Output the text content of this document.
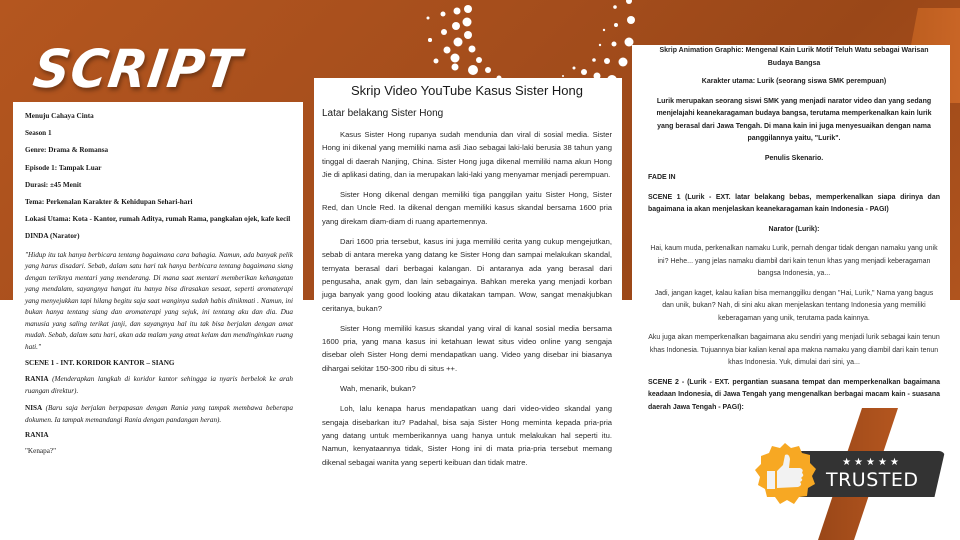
SCRIPT
Menuju Cahaya Cinta
Season 1
Genre: Drama & Romansa
Episode 1: Tampak Luar
Durasi: ±45 Menit
Tema: Perkenalan Karakter & Kehidupan Sehari-hari
Lokasi Utama: Kota - Kantor, rumah Aditya, rumah Rama, pangkalan ojek, kafe kecil
DINDA (Narator)
"Hidup itu tak hanya berbicara tentang bagaimana cara bahagia. Namun, ada banyak pelik yang harus disadari. Sebab, dalam satu hari tak hanya berbicara tentang bagaimana siang dengan teriknya mentari yang menderang. Di mana saat mentari memberikan kehangatan yang mendalam, sayangnya hangat itu hanya bisa dirasakan sesaat, seperti aromaterapi yang menyejukkan tapi hilang begitu saja saat wanginya sudah habis dinikmati . Namun, ini bukan hanya tentang siang dan aromaterapi yang sejuk, ini tentang aku dan dia. Dua manusia yang saling terikat janji, dan sayangnya hal itu tak bisa berjalan dengan amat mudah. Sebab, dalam satu hari, akan ada malam yang amat kelam dan mendinginkan ruang hati."
SCENE 1 - INT. KORIDOR KANTOR – SIANG
RANIA (Menderapkan langkah di koridor kantor sehingga ia nyaris berbelok ke arah ruangan direktur).
NISA (Baru saja berjalan berpapasan dengan Rania yang tampak membawa beberapa dokumen. Ia tampak memandangi Rania dengan pandangan heran).
RANIA
"Kenapa?"
Skrip Video YouTube Kasus Sister Hong
Latar belakang Sister Hong

Kasus Sister Hong rupanya sudah mendunia dan viral di sosial media. Sister Hong ini dikenal yang memiliki nama asli Jiao sebagai laki-laki berusia 38 tahun yang tinggal di daerah Nanjing, China. Sister Hong juga dikenal memiliki nama akun Hong Jie di aplikasi dating, dan ia merupakan laki-laki yang menyamar menjadi perempuan.

Sister Hong dikenal dengan memiliki tiga panggilan yaitu Sister Hong, Sister Red, dan Uncle Red. Ia dikenal dengan memiliki kasus skandal bersama 1600 pria yang direkam diam-diam di ruang apartemennya.

Dari 1600 pria tersebut, kasus ini juga memiliki cerita yang cukup mengejutkan, sebab di antara mereka yang datang ke Sister Hong dan sampai melakukan skandal, ternyata berasal dari berbagai kalangan. Di antaranya ada yang berasal dari pengusaha, anak gym, dan lain sebagainya. Bahkan mereka yang menjadi korban juga banyak yang good looking atau dikatakan tampan. Wow, sangat menakjubkan ceritanya, bukan?

Sister Hong memiliki kasus skandal yang viral di kanal sosial media bersama 1600 pria, yang mana kasus ini ketahuan lewat situs video online yang sengaja disebar oleh Sister Hong demi mendapatkan uang. Video yang disebar ini biasanya dihargai sekitar 150-300 ribu di situs ++.

Wah, menarik, bukan?

Loh, lalu kenapa harus mendapatkan uang dari video-video skandal yang sengaja disebarkan itu? Padahal, bisa saja Sister Hong meminta kepada pria-pria yang datang untuk memberikannya uang hanya untuk melakukan hal seperti itu. Namun, kenyataannya tidak, Sister Hong ini di mata pria-pria tersebut memang dikenal sebagai wanita yang seperti keibuan dan tidak matre.

Skrip Animation Graphic: Mengenal Kain Lurik Motif Teluh Watu sebagai Warisan Budaya Bangsa
Karakter utama: Lurik (seorang siswa SMK perempuan)
Lurik merupakan seorang siswi SMK yang menjadi narator video dan yang sedang menjelajahi keanekaragaman budaya bangsa, terutama memperkenalkan kain lurik yang berasal dari Jawa Tengah. Di mana kain ini juga menyesuaikan dengan nama panggilannya yaitu, "Lurik".
Penulis Skenario.
FADE IN
SCENE 1 (Lurik - EXT. latar belakang bebas, memperkenalkan siapa dirinya dan bagaimana ia akan menjelaskan keanekaragaman kain Indonesia - PAGI)
Narator (Lurik):
Hai, kaum muda, perkenalkan namaku Lurik, pernah dengar tidak dengan namaku yang unik ini? Hehe... yang jelas namaku diambil dari kain tenun khas yang menjadi keberagaman bangsa Indonesia, ya...
Jadi, jangan kaget, kalau kalian bisa memanggilku dengan "Hai, Lurik," Nama yang bagus dan unik, bukan? Nah, di sini aku akan menjelaskan tentang Indonesia yang memiliki keberagaman yang unik, terutama pada kainnya.
Aku juga akan memperkenalkan bagaimana aku sendiri yang menjadi lurik sebagai kain tenun khas Indonesia. Tujuannya biar kalian kenal apa makna namaku yang diambil dari kain tenun khas Indonesia. Yuk, dimulai dari sini, ya...
SCENE 2 - (Lurik - EXT. pergantian suasana tempat dan memperkenalkan bagaimana keadaan Indonesia, di Jawa Tengah yang mengenalkan berbagai macam kain - suasana daerah Jawa Tengah - PAGI):
★★★★★
TRUSTED
